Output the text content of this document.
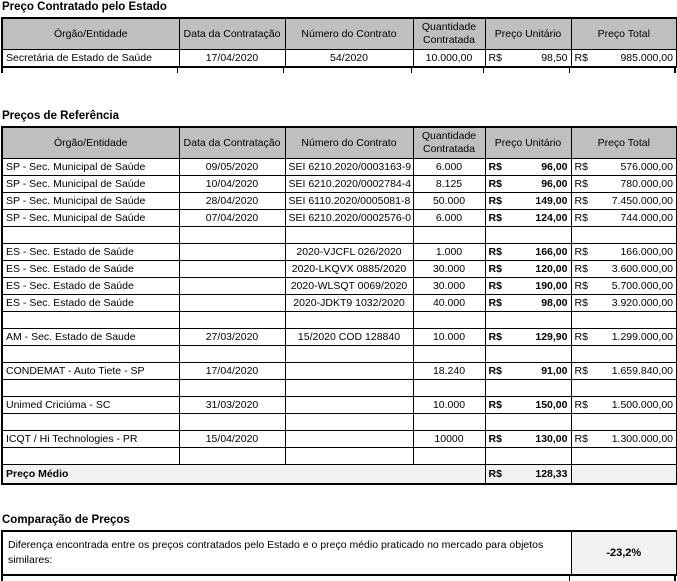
Preço Contratado pelo Estado
Órgão/Entidade	Data da Contratação	Número do Contrato	Quantidade Contratada	Preço Unitário	Preço Total
Secretária de Estado de Saúde	17/04/2020	54/2020	10.000,00	R$ 98,50	R$ 985.000,00
Preços de Referência
Órgão/Entidade	Data da Contratação	Número do Contrato	Quantidade Contratada	Preço Unitário	Preço Total
SP - Sec. Municipal de Saúde	09/05/2020	SEI 6210.2020/0003163-9	6.000	R$ 96,00	R$ 576.000,00

SP - Sec. Municipal de Saúde	10/04/2020	SEI 6210.2020/0002784-4	8.125	R$ 96,00	R$ 780.000,00

SP - Sec. Municipal de Saúde	28/04/2020	SEI 6110.2020/0005081-8	50.000	R$ 149,00	R$ 7.450.000,00

SP - Sec. Municipal de Saúde	07/04/2020	SEI 6210.2020/0002576-0	6.000	R$ 124,00	R$ 744.000,00

ES - Sec. Estado de Saúde		2020-VJCFL 026/2020	1.000	R$ 166,00	R$ 166.000,00

ES - Sec. Estado de Saúde		2020-LKQVX 0885/2020	30.000	R$ 120,00	R$ 3.600.000,00

ES - Sec. Estado de Saúde		2020-WLSQT 0069/2020	30.000	R$ 190,00	R$ 5.700.000,00

ES - Sec. Estado de Saúde		2020-JDKT9 1032/2020	40.000	R$ 98,00	R$ 3.920.000,00

AM - Sec. Estado de Saude	27/03/2020	15/2020 COD 128840	10.000	R$ 129,90	R$ 1.299.000,00

CONDEMAT - Auto Tiete - SP	17/04/2020		18.240	R$ 91,00	R$ 1.659.840,00

Unimed Criciúma - SC	31/03/2020		10.000	R$ 150,00	R$ 1.500.000,00

ICQT / Hi Technologies - PR	15/04/2020		10000	R$ 130,00	R$ 1.300.000,00

Preço Médio				R$ 128,33	

Comparação de Preços
Diferença encontrada entre os preços contratados pelo Estado e o preço médio praticado no mercado para objetos similares:	-23,2%
